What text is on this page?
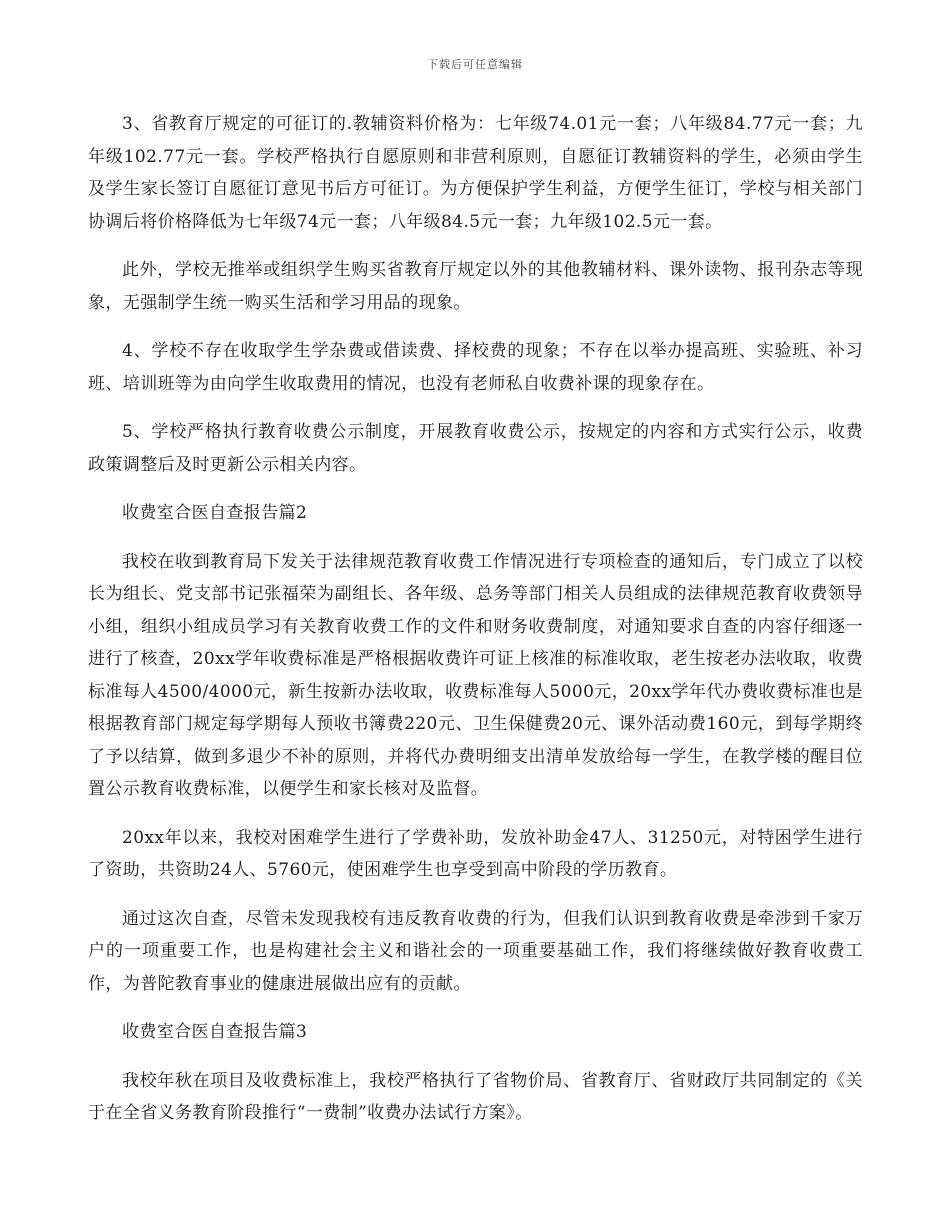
下载后可任意编辑

3、省教育厅规定的可征订的.教辅资料价格为：七年级74.01元一套；八年级84.77元一套；九年级102.77元一套。学校严格执行自愿原则和非营利原则，自愿征订教辅资料的学生，必须由学生及学生家长签订自愿征订意见书后方可征订。为方便保护学生利益，方便学生征订，学校与相关部门协调后将价格降低为七年级74元一套；八年级84.5元一套；九年级102.5元一套。

此外，学校无推举或组织学生购买省教育厅规定以外的其他教辅材料、课外读物、报刊杂志等现象，无强制学生统一购买生活和学习用品的现象。

4、学校不存在收取学生学杂费或借读费、择校费的现象；不存在以举办提高班、实验班、补习班、培训班等为由向学生收取费用的情况，也没有老师私自收费补课的现象存在。

5、学校严格执行教育收费公示制度，开展教育收费公示，按规定的内容和方式实行公示，收费政策调整后及时更新公示相关内容。

收费室合医自查报告篇2

我校在收到教育局下发关于法律规范教育收费工作情况进行专项检查的通知后，专门成立了以校长为组长、党支部书记张福荣为副组长、各年级、总务等部门相关人员组成的法律规范教育收费领导小组，组织小组成员学习有关教育收费工作的文件和财务收费制度，对通知要求自查的内容仔细逐一进行了核查，20xx学年收费标准是严格根据收费许可证上核准的标准收取，老生按老办法收取，收费标准每人4500/4000元，新生按新办法收取，收费标准每人5000元，20xx学年代办费收费标准也是根据教育部门规定每学期每人预收书簿费220元、卫生保健费20元、课外活动费160元，到每学期终了予以结算，做到多退少不补的原则，并将代办费明细支出清单发放给每一学生，在教学楼的醒目位置公示教育收费标准，以便学生和家长核对及监督。

20xx年以来，我校对困难学生进行了学费补助，发放补助金47人、31250元，对特困学生进行了资助，共资助24人、5760元，使困难学生也享受到高中阶段的学历教育。

通过这次自查，尽管未发现我校有违反教育收费的行为，但我们认识到教育收费是牵涉到千家万户的一项重要工作，也是构建社会主义和谐社会的一项重要基础工作，我们将继续做好教育收费工作，为普陀教育事业的健康进展做出应有的贡献。

收费室合医自查报告篇3

我校年秋在项目及收费标准上，我校严格执行了省物价局、省教育厅、省财政厅共同制定的《关于在全省义务教育阶段推行“一费制”收费办法试行方案》。
